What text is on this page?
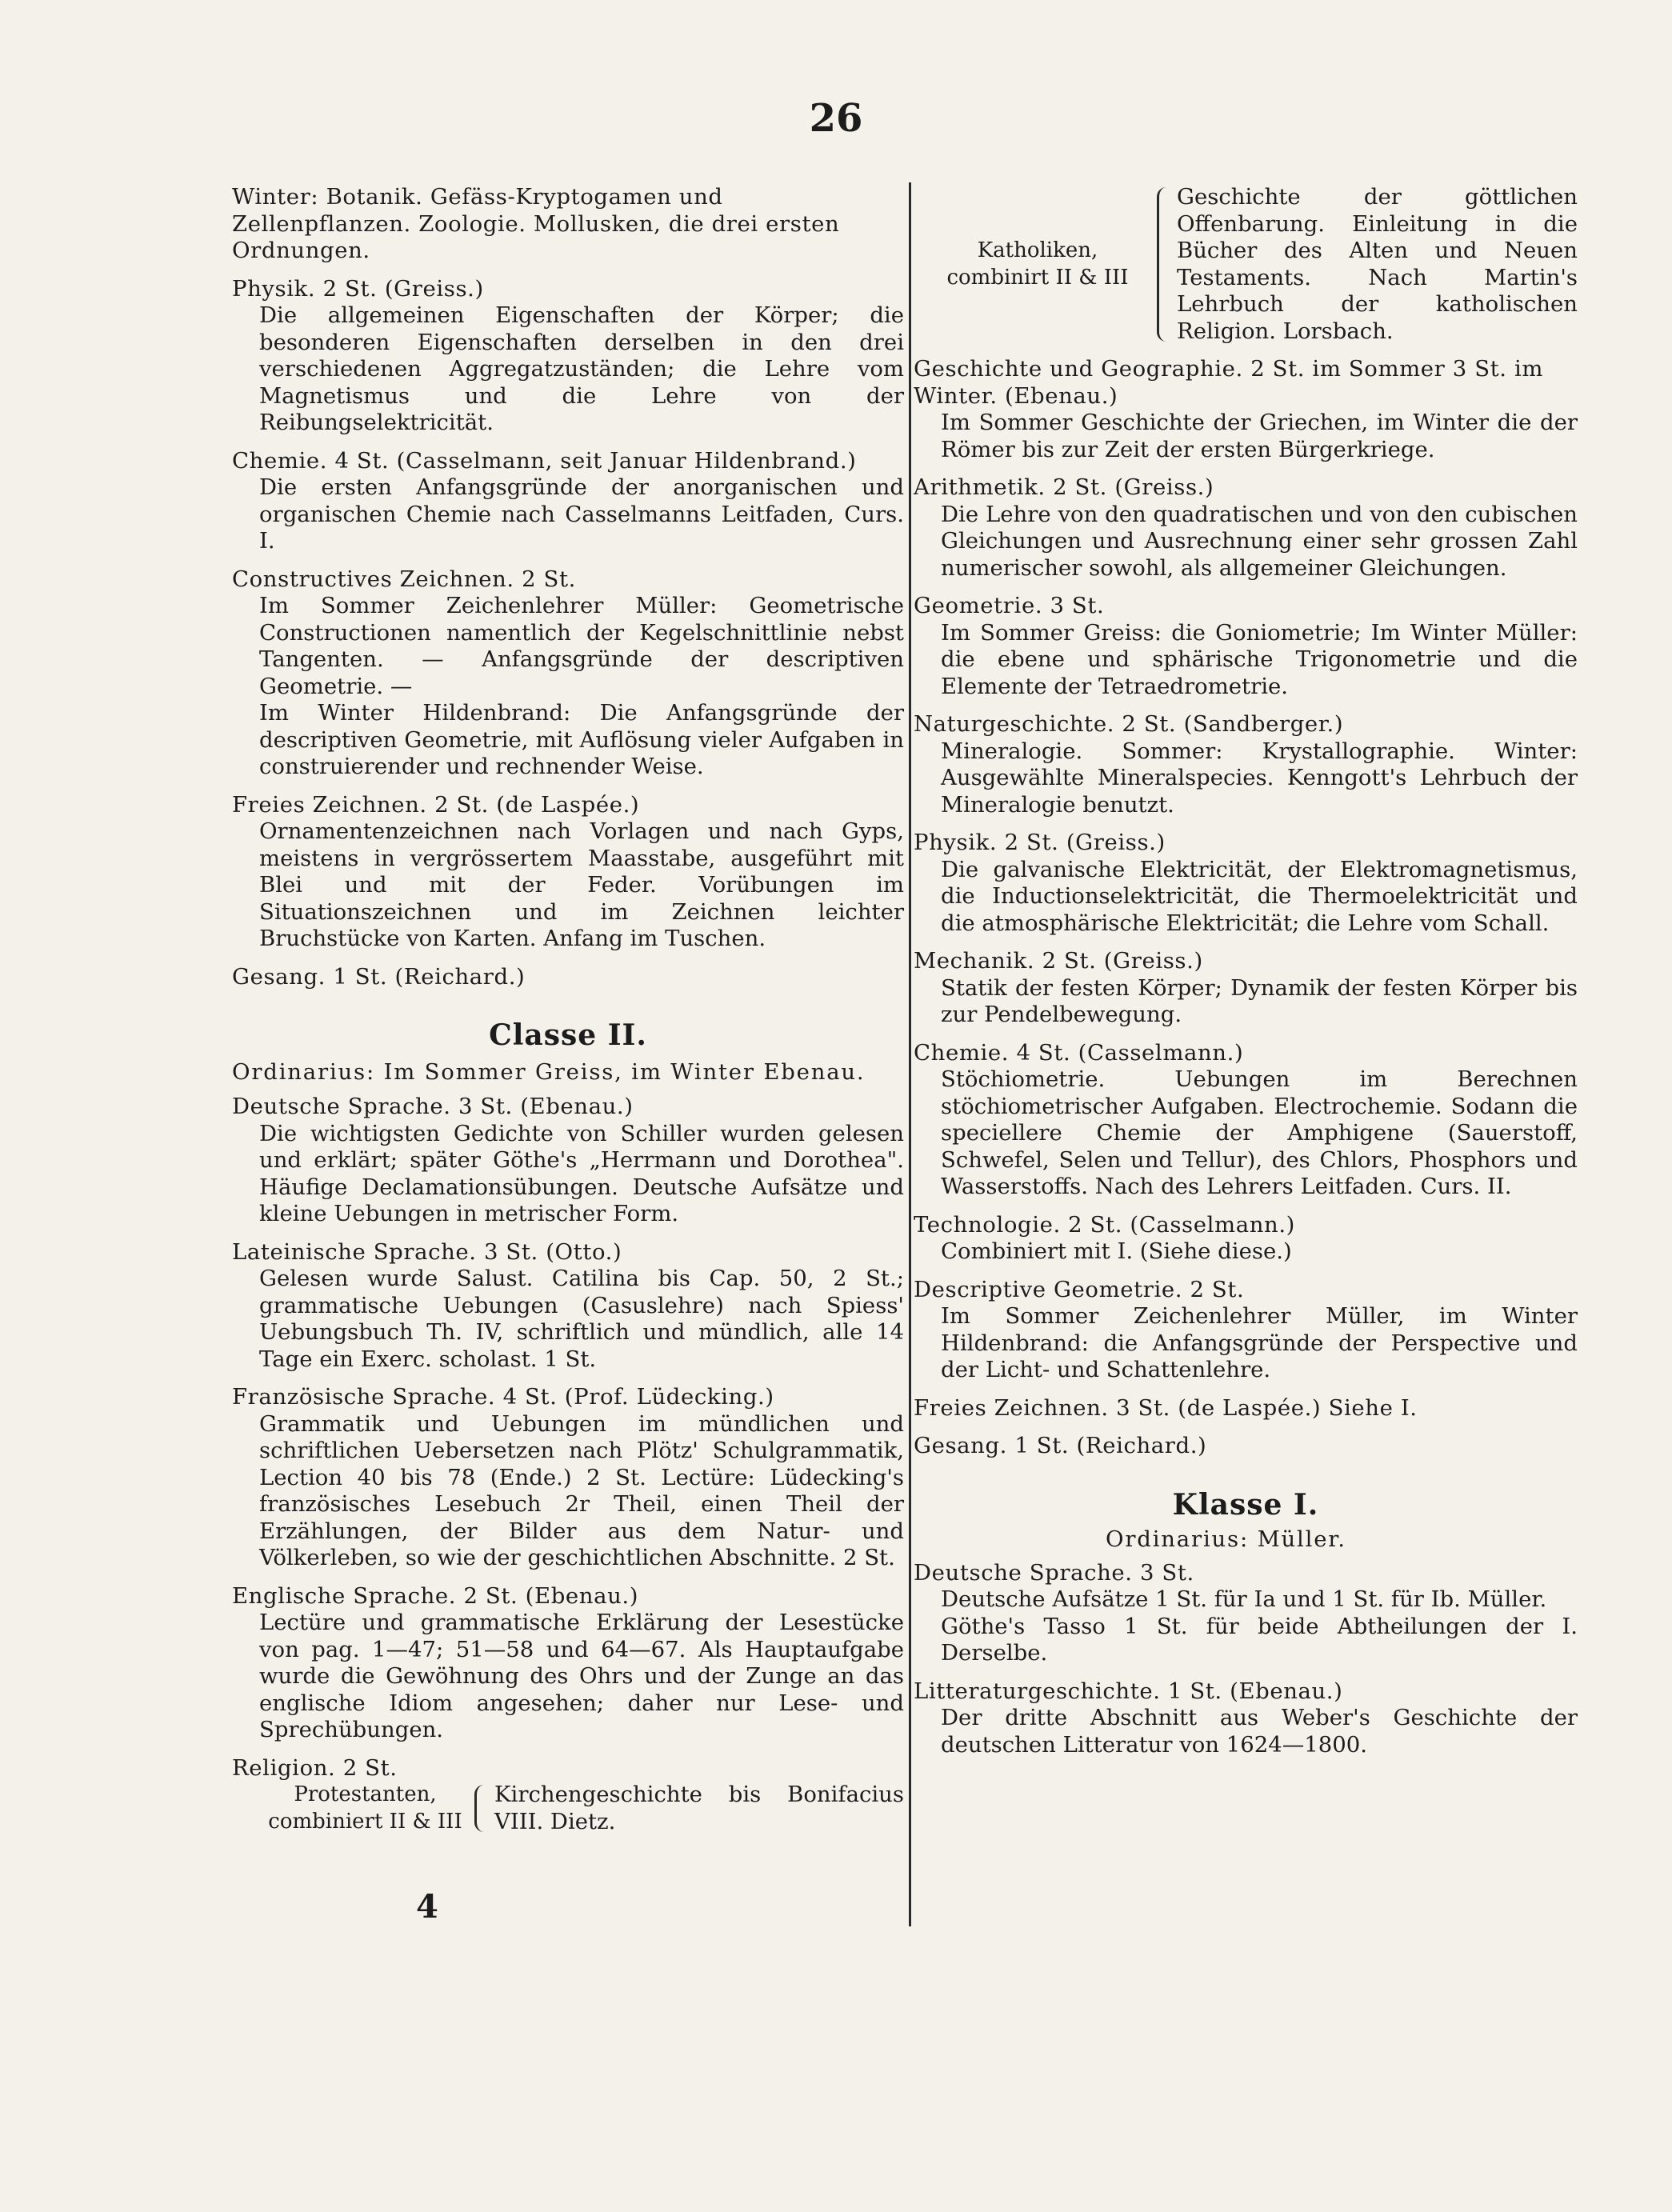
26
Winter: Botanik. Gefäss-Kryptogamen und Zellenpflanzen. Zoologie. Mollusken, die drei ersten Ordnungen.
Physik. 2 St. (Greiss.)
Die allgemeinen Eigenschaften der Körper; die besonderen Eigenschaften derselben in den drei verschiedenen Aggregatzuständen; die Lehre vom Magnetismus und die Lehre von der Reibungselektricität.
Chemie. 4 St. (Casselmann, seit Januar Hildenbrand.)
Die ersten Anfangsgründe der anorganischen und organischen Chemie nach Casselmanns Leitfaden, Curs. I.
Constructives Zeichnen. 2 St.
Im Sommer Zeichenlehrer Müller: Geometrische Constructionen namentlich der Kegelschnittlinie nebst Tangenten. — Anfangsgründe der descriptiven Geometrie. —
Im Winter Hildenbrand: Die Anfangsgründe der descriptiven Geometrie, mit Auflösung vieler Aufgaben in construierender und rechnender Weise.
Freies Zeichnen. 2 St. (de Laspée.)
Ornamentenzeichnen nach Vorlagen und nach Gyps, meistens in vergrössertem Maasstabe, ausgeführt mit Blei und mit der Feder. Vorübungen im Situationszeichnen und im Zeichnen leichter Bruchstücke von Karten. Anfang im Tuschen.
Gesang. 1 St. (Reichard.)
Classe II.
Ordinarius: Im Sommer Greiss, im Winter Ebenau.
Deutsche Sprache. 3 St. (Ebenau.)
Die wichtigsten Gedichte von Schiller wurden gelesen und erklärt; später Göthe's „Herrmann und Dorothea". Häufige Declamationsübungen. Deutsche Aufsätze und kleine Uebungen in metrischer Form.
Lateinische Sprache. 3 St. (Otto.)
Gelesen wurde Salust. Catilina bis Cap. 50, 2 St.; grammatische Uebungen (Casuslehre) nach Spiess' Uebungsbuch Th. IV, schriftlich und mündlich, alle 14 Tage ein Exerc. scholast. 1 St.
Französische Sprache. 4 St. (Prof. Lüdecking.)
Grammatik und Uebungen im mündlichen und schriftlichen Uebersetzen nach Plötz' Schulgrammatik, Lection 40 bis 78 (Ende.) 2 St. Lectüre: Lüdecking's französisches Lesebuch 2r Theil, einen Theil der Erzählungen, der Bilder aus dem Natur- und Völkerleben, so wie der geschichtlichen Abschnitte. 2 St.
Englische Sprache. 2 St. (Ebenau.)
Lectüre und grammatische Erklärung der Lesestücke von pag. 1—47; 51—58 und 64—67. Als Hauptaufgabe wurde die Gewöhnung des Ohrs und der Zunge an das englische Idiom angesehen; daher nur Lese- und Sprechübungen.
Religion. 2 St.
Protestanten,
combiniert II & III
Kirchengeschichte bis Bonifacius VIII. Dietz.
4
Katholiken,
combinirt II & III
Geschichte der göttlichen Offenbarung. Einleitung in die Bücher des Alten und Neuen Testaments. Nach Martin's Lehrbuch der katholischen Religion. Lorsbach.
Geschichte und Geographie. 2 St. im Sommer 3 St. im Winter. (Ebenau.)
Im Sommer Geschichte der Griechen, im Winter die der Römer bis zur Zeit der ersten Bürgerkriege.
Arithmetik. 2 St. (Greiss.)
Die Lehre von den quadratischen und von den cubischen Gleichungen und Ausrechnung einer sehr grossen Zahl numerischer sowohl, als allgemeiner Gleichungen.
Geometrie. 3 St.
Im Sommer Greiss: die Goniometrie; Im Winter Müller: die ebene und sphärische Trigonometrie und die Elemente der Tetraedrometrie.
Naturgeschichte. 2 St. (Sandberger.)
Mineralogie. Sommer: Krystallographie. Winter: Ausgewählte Mineralspecies. Kenngott's Lehrbuch der Mineralogie benutzt.
Physik. 2 St. (Greiss.)
Die galvanische Elektricität, der Elektromagnetismus, die Inductionselektricität, die Thermoelektricität und die atmosphärische Elektricität; die Lehre vom Schall.
Mechanik. 2 St. (Greiss.)
Statik der festen Körper; Dynamik der festen Körper bis zur Pendelbewegung.
Chemie. 4 St. (Casselmann.)
Stöchiometrie. Uebungen im Berechnen stöchiometrischer Aufgaben. Electrochemie. Sodann die speciellere Chemie der Amphigene (Sauerstoff, Schwefel, Selen und Tellur), des Chlors, Phosphors und Wasserstoffs. Nach des Lehrers Leitfaden. Curs. II.
Technologie. 2 St. (Casselmann.)
Combiniert mit I. (Siehe diese.)
Descriptive Geometrie. 2 St.
Im Sommer Zeichenlehrer Müller, im Winter Hildenbrand: die Anfangsgründe der Perspective und der Licht- und Schattenlehre.
Freies Zeichnen. 3 St. (de Laspée.) Siehe I.
Gesang. 1 St. (Reichard.)
Klasse I.
Ordinarius: Müller.
Deutsche Sprache. 3 St.
Deutsche Aufsätze 1 St. für Ia und 1 St. für Ib. Müller.
Göthe's Tasso 1 St. für beide Abtheilungen der I. Derselbe.
Litteraturgeschichte. 1 St. (Ebenau.)
Der dritte Abschnitt aus Weber's Geschichte der deutschen Litteratur von 1624—1800.
